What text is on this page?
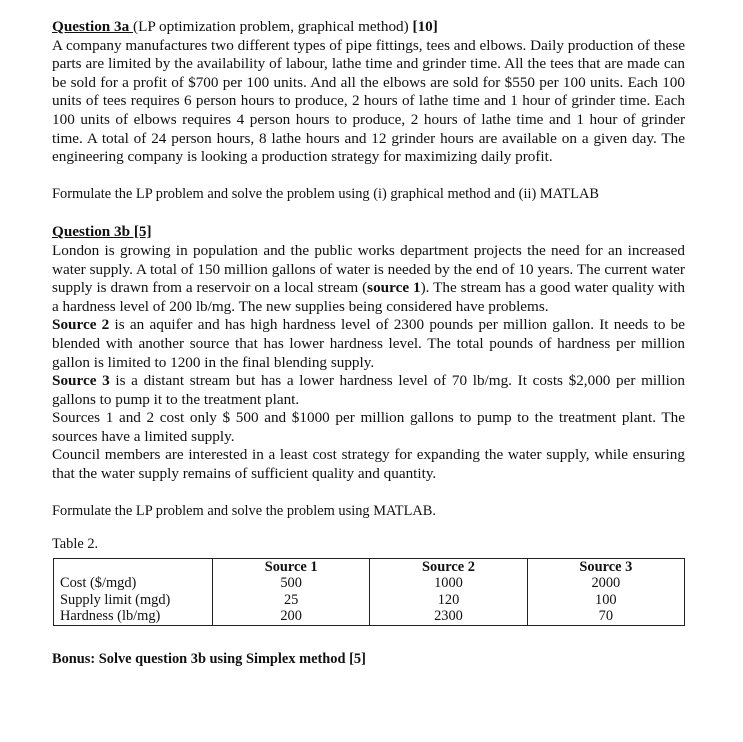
Question 3a (LP optimization problem, graphical method) [10]
A company manufactures two different types of pipe fittings, tees and elbows. Daily production of these parts are limited by the availability of labour, lathe time and grinder time. All the tees that are made can be sold for a profit of $700 per 100 units. And all the elbows are sold for $550 per 100 units. Each 100 units of tees requires 6 person hours to produce, 2 hours of lathe time and 1 hour of grinder time. Each 100 units of elbows requires 4 person hours to produce, 2 hours of lathe time and 1 hour of grinder time. A total of 24 person hours, 8 lathe hours and 12 grinder hours are available on a given day. The engineering company is looking a production strategy for maximizing daily profit.

Formulate the LP problem and solve the problem using (i) graphical method and (ii) MATLAB

Question 3b [5]
London is growing in population and the public works department projects the need for an increased water supply. A total of 150 million gallons of water is needed by the end of 10 years. The current water supply is drawn from a reservoir on a local stream (source 1). The stream has a good water quality with a hardness level of 200 lb/mg. The new supplies being considered have problems.
Source 2 is an aquifer and has high hardness level of 2300 pounds per million gallon. It needs to be blended with another source that has lower hardness level. The total pounds of hardness per million gallon is limited to 1200 in the final blending supply.
Source 3 is a distant stream but has a lower hardness level of 70 lb/mg. It costs $2,000 per million gallons to pump it to the treatment plant.
Sources 1 and 2 cost only $ 500 and $1000 per million gallons to pump to the treatment plant. The sources have a limited supply.
Council members are interested in a least cost strategy for expanding the water supply, while ensuring that the water supply remains of sufficient quality and quantity.

Formulate the LP problem and solve the problem using MATLAB.

Table 2.

	Source 1	Source 2	Source 3
Cost ($/mgd)	500	1000	2000
Supply limit (mgd)	25	120	100
Hardness (lb/mg)	200	2300	70

Bonus: Solve question 3b using Simplex method [5]
